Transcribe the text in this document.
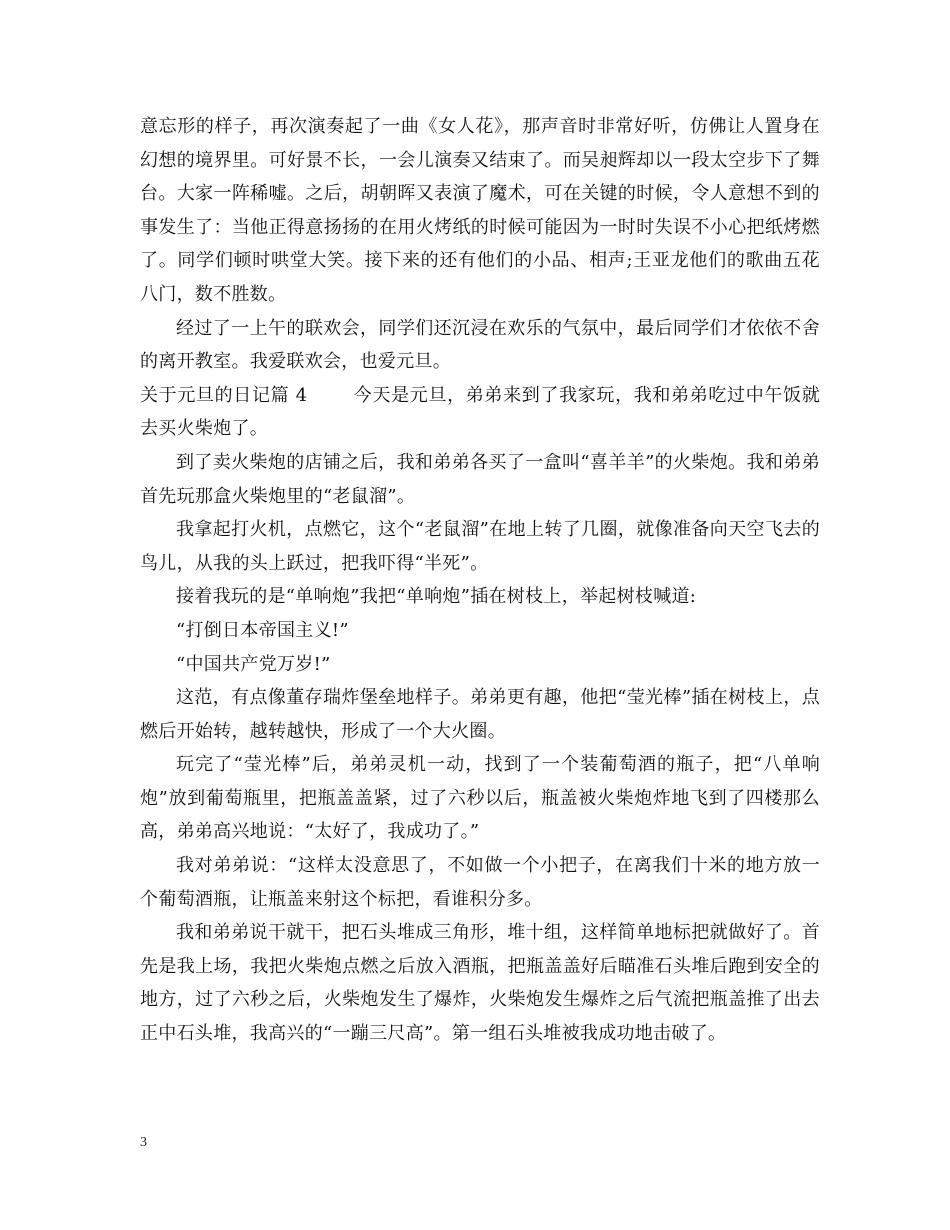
意忘形的样子，再次演奏起了一曲《女人花》，那声音时非常好听，仿佛让人置身在幻想的境界里。可好景不长，一会儿演奏又结束了。而吴昶辉却以一段太空步下了舞台。大家一阵稀嘘。之后，胡朝晖又表演了魔术，可在关键的时候，令人意想不到的事发生了：当他正得意扬扬的在用火烤纸的时候可能因为一时时失误不小心把纸烤燃了。同学们顿时哄堂大笑。接下来的还有他们的小品、相声;王亚龙他们的歌曲五花八门，数不胜数。

经过了一上午的联欢会，同学们还沉浸在欢乐的气氛中，最后同学们才依依不舍的离开教室。我爱联欢会，也爱元旦。

关于元旦的日记篇 4	今天是元旦，弟弟来到了我家玩，我和弟弟吃过中午饭就去买火柴炮了。

到了卖火柴炮的店铺之后，我和弟弟各买了一盒叫“喜羊羊”的火柴炮。我和弟弟首先玩那盒火柴炮里的“老鼠溜”。

我拿起打火机，点燃它，这个“老鼠溜”在地上转了几圈，就像准备向天空飞去的鸟儿，从我的头上跃过，把我吓得“半死”。

接着我玩的是“单响炮”我把“单响炮”插在树枝上，举起树枝喊道:

“打倒日本帝国主义!”

“中国共产党万岁!”

这范，有点像董存瑞炸堡垒地样子。弟弟更有趣，他把“莹光棒”插在树枝上，点燃后开始转，越转越快，形成了一个大火圈。

玩完了“莹光棒”后，弟弟灵机一动，找到了一个装葡萄酒的瓶子，把“八单响炮”放到葡萄瓶里，把瓶盖盖紧，过了六秒以后，瓶盖被火柴炮炸地飞到了四楼那么高，弟弟高兴地说：“太好了，我成功了。”

我对弟弟说：“这样太没意思了，不如做一个小把子，在离我们十米的地方放一个葡萄酒瓶，让瓶盖来射这个标把，看谁积分多。

我和弟弟说干就干，把石头堆成三角形，堆十组，这样简单地标把就做好了。首先是我上场，我把火柴炮点燃之后放入酒瓶，把瓶盖盖好后瞄准石头堆后跑到安全的地方，过了六秒之后，火柴炮发生了爆炸，火柴炮发生爆炸之后气流把瓶盖推了出去正中石头堆，我高兴的“一蹦三尺高”。第一组石头堆被我成功地击破了。

3
